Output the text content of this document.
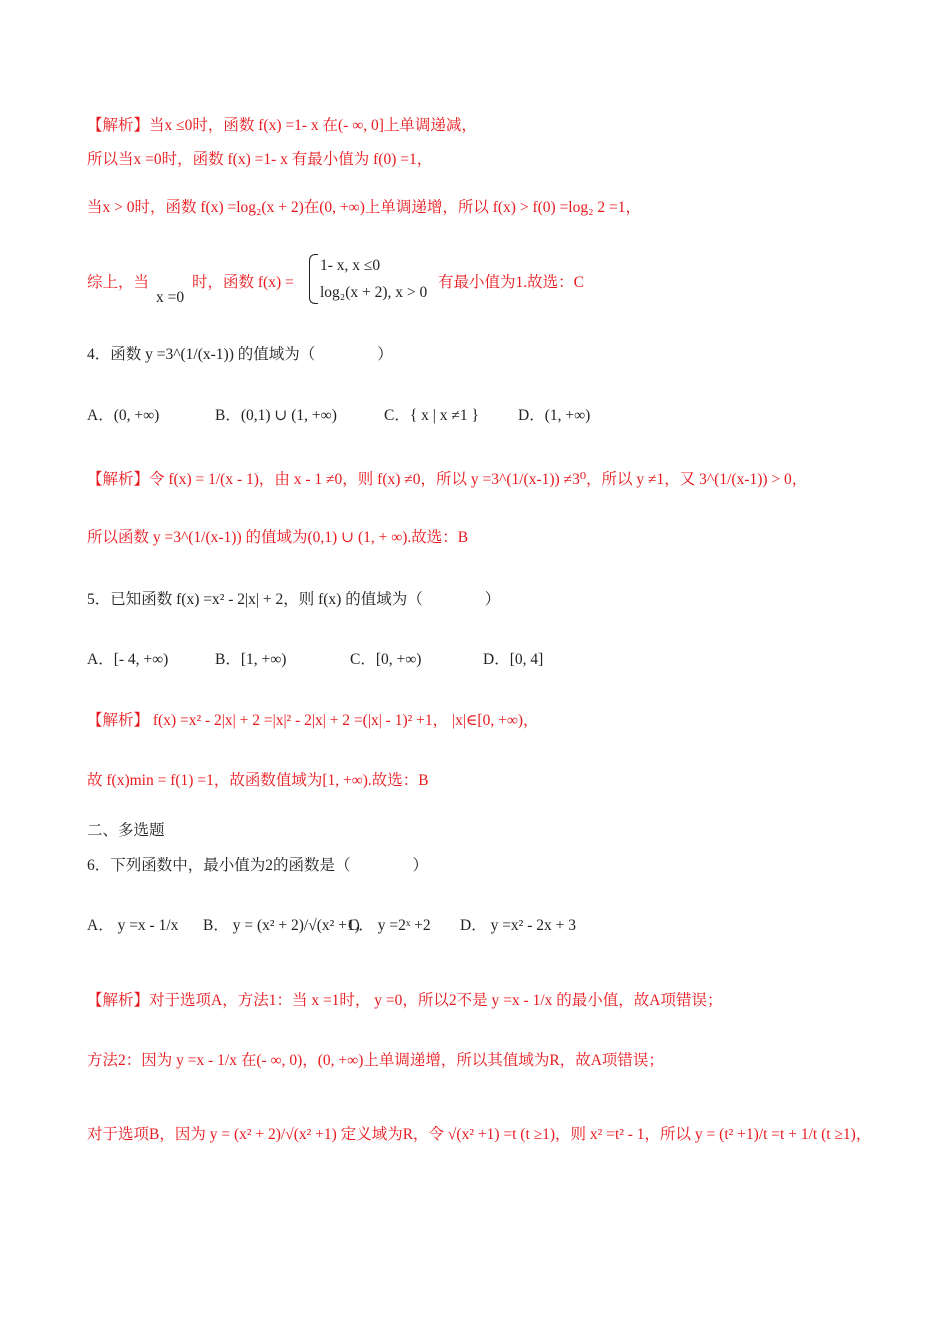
【解析】当x ≤0时，函数 f(x) =1- x 在(- ∞, 0]上单调递减，
所以当x =0时，函数 f(x) =1- x 有最小值为 f(0) =1，
当x > 0时，函数 f(x) =log₂(x + 2)在(0, +∞)上单调递增，所以 f(x) > f(0) =log₂ 2 =1，
综上，当
x =0
时，函数 f(x) =
1- x, x ≤0
log₂(x + 2), x > 0
有最小值为1.故选：C
4．函数 y =3^(1/(x-1)) 的值域为（　　　　）
A．(0, +∞)	B．(0,1) ∪ (1, +∞)	C．{ x | x ≠1 }	D．(1, +∞)
【解析】令 f(x) = 1/(x - 1)，由 x - 1 ≠0，则 f(x) ≠0，所以 y =3^(1/(x-1)) ≠3⁰，所以 y ≠1，又 3^(1/(x-1)) > 0，
所以函数 y =3^(1/(x-1)) 的值域为(0,1) ∪ (1, + ∞).故选：B
5．已知函数 f(x) =x² - 2|x| + 2，则 f(x) 的值域为（　　　　）
A．[- 4, +∞)	B．[1, +∞)	C．[0, +∞)	D．[0, 4]
【解析】 f(x) =x² - 2|x| + 2 =|x|² - 2|x| + 2 =(|x| - 1)² +1， |x|∈[0, +∞)，
故 f(x)min = f(1) =1，故函数值域为[1, +∞).故选：B
二、多选题
6．下列函数中，最小值为2的函数是（　　　　）
A． y =x - 1/x B． y = (x² + 2)/√(x² +1)
C． y =2ˣ +2 D． y =x² - 2x + 3
【解析】对于选项A，方法1：当 x =1时， y =0，所以2不是 y =x - 1/x 的最小值，故A项错误；
方法2：因为 y =x - 1/x 在(- ∞, 0)，(0, +∞)上单调递增，所以其值域为R，故A项错误；
对于选项B，因为 y = (x² + 2)/√(x² +1) 定义域为R，令 √(x² +1) =t (t ≥1)，则 x² =t² - 1，所以 y = (t² +1)/t =t + 1/t (t ≥1)，
